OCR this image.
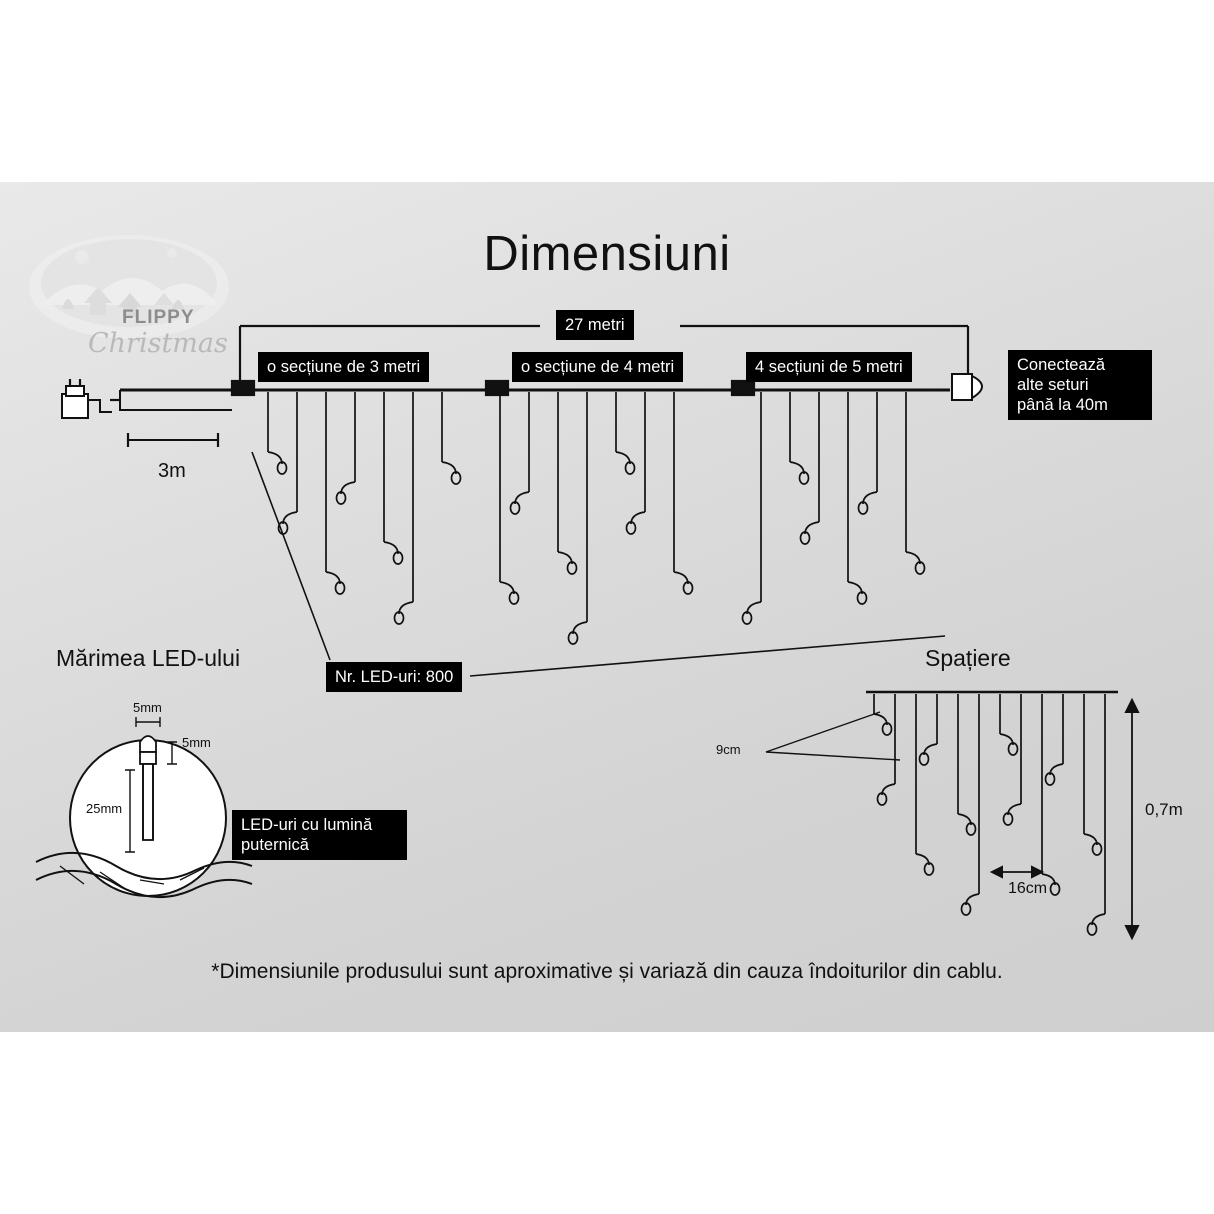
FLIPPY
Christmas
Dimensiuni
27 metri
o secțiune de 3 metri	o secțiune de 4 metri	4 secțiuni de 5 metri	Conectează
alte seturi
până la 40m
Nr. LED-uri: 800
3m
Mărimea LED-ului
5mm
5mm
25mm
LED-uri cu lumină
puternică
Spațiere
9cm
16cm
0,7m
*Dimensiunile produsului sunt aproximative și variază din cauza îndoiturilor din cablu.
